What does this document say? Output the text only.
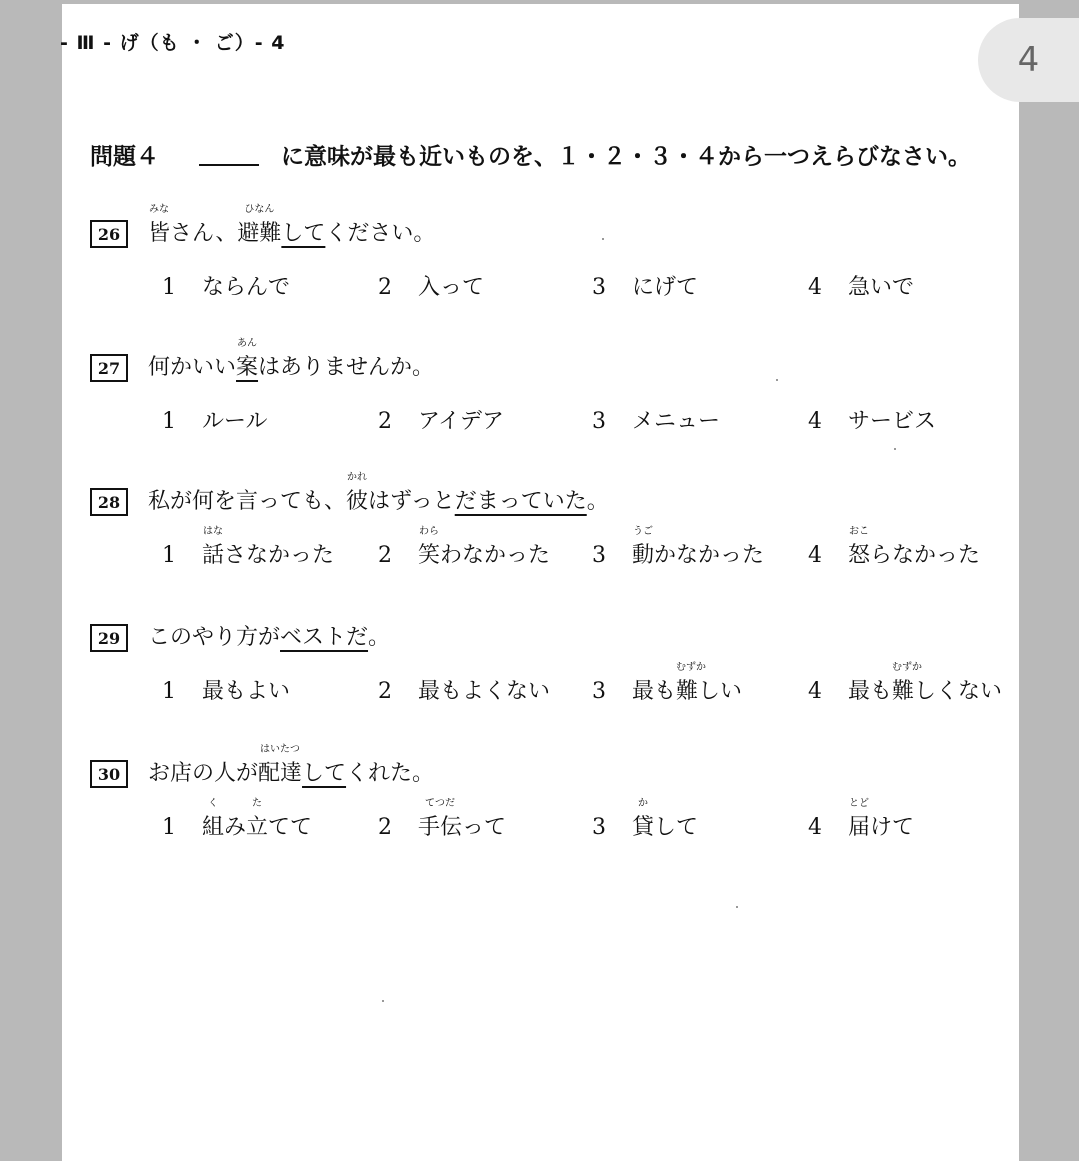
- Ⅲ - げ（も ・ ご）- 4
問題４	に意味が最も近いものを、１・２・３・４から一つえらびなさい。
26
みな
皆さん、
ひなん
避難してください。
1 ならんで	2 入って	3 にげて	4 急いで
27	何かいい
あん
案はありませんか。
1 ルール	2 アイデア	3 メニュー	4 サービス
28	私が何を言っても、
かれ
彼はずっとだまっていた。
1
はな
話さなかった 2
わら
笑わなかった 3
うご
動かなかった 4
おこ
怒らなかった
29	このやり方がベストだ。
1 最もよい	2 最もよくない 3 最も
むずか
難しい	4 最も
むずか
難しくない
30	お店の人が
はいたつ
配達してくれた。
1
く
組み
た
立てて	2
てつだ
手伝って	3
か
貸して	4
とど
届けて
4
